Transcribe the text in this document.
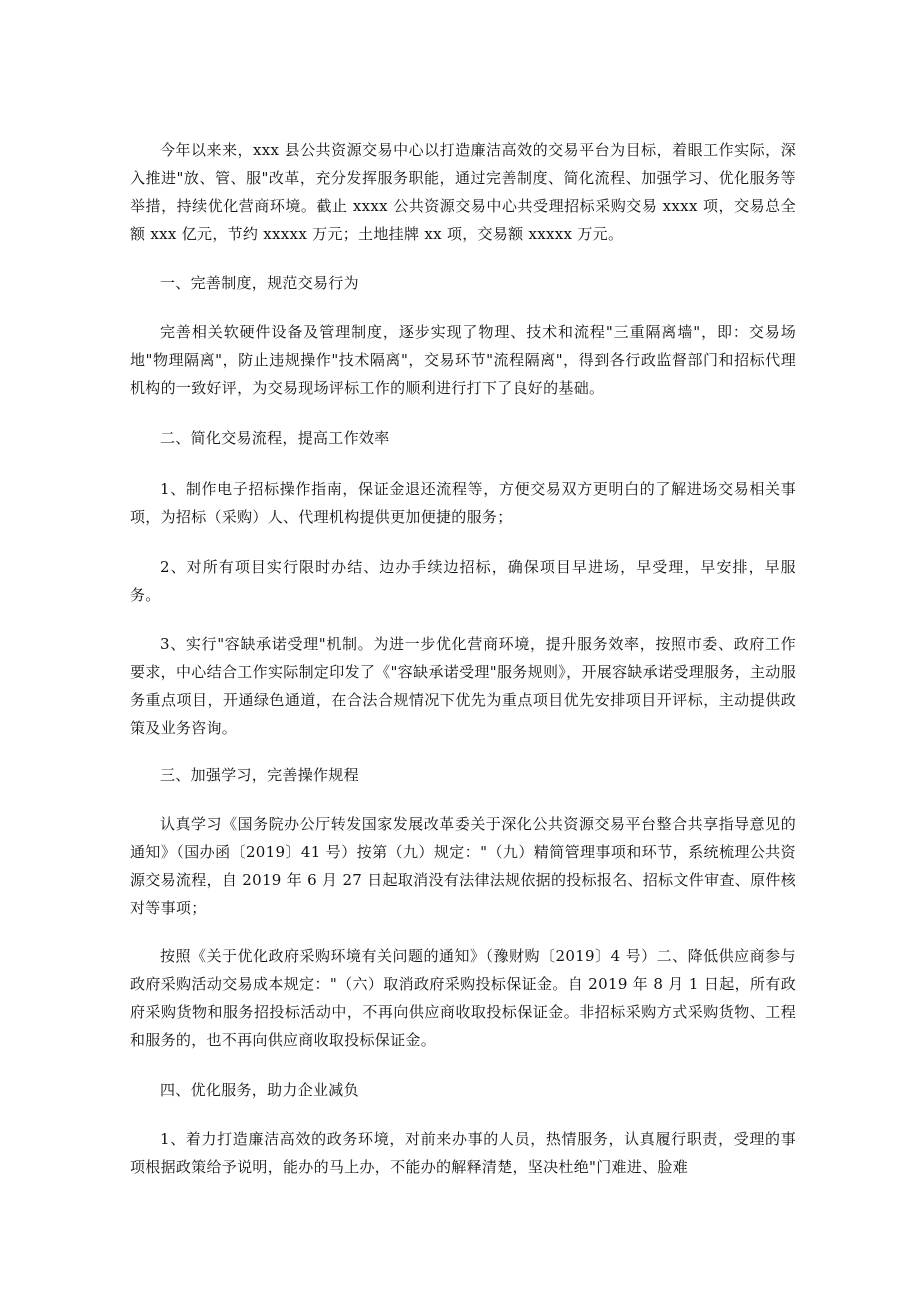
今年以来来，xxx 县公共资源交易中心以打造廉洁高效的交易平台为目标，着眼工作实际，深入推进"放、管、服"改革，充分发挥服务职能，通过完善制度、简化流程、加强学习、优化服务等举措，持续优化营商环境。截止 xxxx 公共资源交易中心共受理招标采购交易 xxxx 项，交易总全额 xxx 亿元，节约 xxxxx 万元；土地挂牌 xx 项，交易额 xxxxx 万元。

一、完善制度，规范交易行为

完善相关软硬件设备及管理制度，逐步实现了物理、技术和流程"三重隔离墙"，即：交易场地"物理隔离"，防止违规操作"技术隔离"，交易环节"流程隔离"，得到各行政监督部门和招标代理机构的一致好评，为交易现场评标工作的顺利进行打下了良好的基础。

二、简化交易流程，提高工作效率

1、制作电子招标操作指南，保证金退还流程等，方便交易双方更明白的了解进场交易相关事项，为招标（采购）人、代理机构提供更加便捷的服务；

2、对所有项目实行限时办结、边办手续边招标，确保项目早进场，早受理，早安排，早服务。

3、实行"容缺承诺受理"机制。为进一步优化营商环境，提升服务效率，按照市委、政府工作要求，中心结合工作实际制定印发了《"容缺承诺受理"服务规则》，开展容缺承诺受理服务，主动服务重点项目，开通绿色通道，在合法合规情况下优先为重点项目优先安排项目开评标，主动提供政策及业务咨询。

三、加强学习，完善操作规程

认真学习《国务院办公厅转发国家发展改革委关于深化公共资源交易平台整合共享指导意见的通知》（国办函〔2019〕41 号）按第（九）规定："（九）精简管理事项和环节，系统梳理公共资源交易流程，自 2019 年 6 月 27 日起取消没有法律法规依据的投标报名、招标文件审查、原件核对等事项；

按照《关于优化政府采购环境有关问题的通知》（豫财购〔2019〕4 号）二、降低供应商参与政府采购活动交易成本规定："（六）取消政府采购投标保证金。自 2019 年 8 月 1 日起，所有政府采购货物和服务招投标活动中，不再向供应商收取投标保证金。非招标采购方式采购货物、工程和服务的，也不再向供应商收取投标保证金。

四、优化服务，助力企业减负

1、着力打造廉洁高效的政务环境，对前来办事的人员，热情服务，认真履行职责，受理的事项根据政策给予说明，能办的马上办，不能办的解释清楚，坚决杜绝"门难进、脸难
